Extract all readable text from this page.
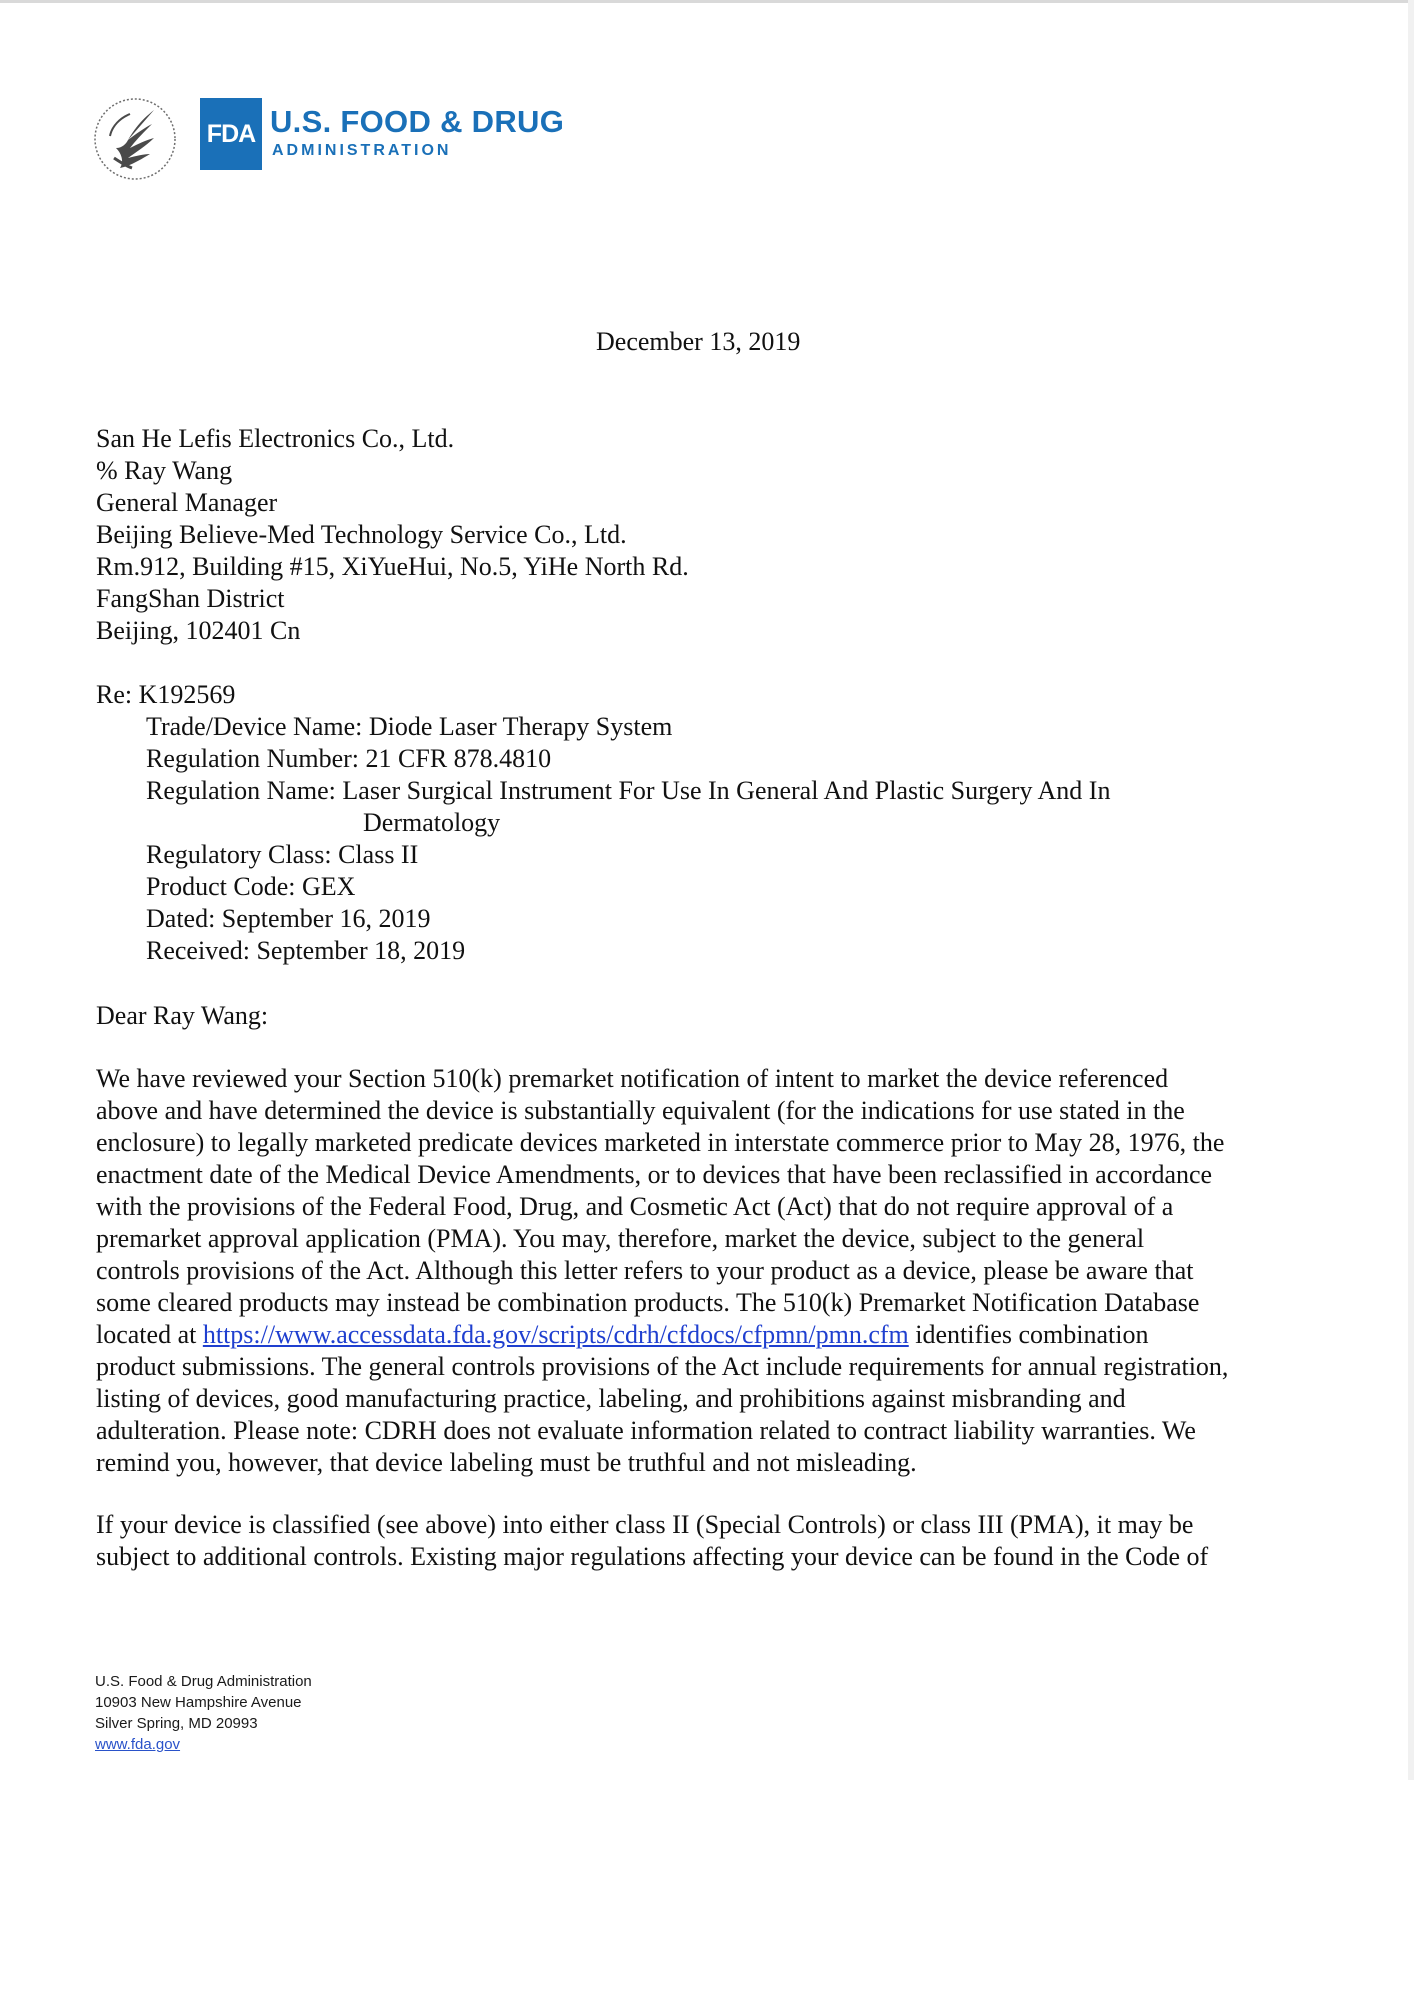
FDA U.S. FOOD & DRUG
ADMINISTRATION
December 13, 2019
San He Lefis Electronics Co., Ltd.
% Ray Wang
General Manager
Beijing Believe-Med Technology Service Co., Ltd.
Rm.912, Building #15, XiYueHui, No.5, YiHe North Rd.
FangShan District
Beijing, 102401 Cn
Re: K192569
Trade/Device Name: Diode Laser Therapy System
Regulation Number: 21 CFR 878.4810
Regulation Name: Laser Surgical Instrument For Use In General And Plastic Surgery And In
Dermatology
Regulatory Class: Class II
Product Code: GEX
Dated: September 16, 2019
Received: September 18, 2019
Dear Ray Wang:
We have reviewed your Section 510(k) premarket notification of intent to market the device referenced
above and have determined the device is substantially equivalent (for the indications for use stated in the
enclosure) to legally marketed predicate devices marketed in interstate commerce prior to May 28, 1976, the
enactment date of the Medical Device Amendments, or to devices that have been reclassified in accordance
with the provisions of the Federal Food, Drug, and Cosmetic Act (Act) that do not require approval of a
premarket approval application (PMA). You may, therefore, market the device, subject to the general
controls provisions of the Act. Although this letter refers to your product as a device, please be aware that
some cleared products may instead be combination products. The 510(k) Premarket Notification Database
located at https://www.accessdata.fda.gov/scripts/cdrh/cfdocs/cfpmn/pmn.cfm identifies combination
product submissions. The general controls provisions of the Act include requirements for annual registration,
listing of devices, good manufacturing practice, labeling, and prohibitions against misbranding and
adulteration. Please note: CDRH does not evaluate information related to contract liability warranties. We
remind you, however, that device labeling must be truthful and not misleading.
If your device is classified (see above) into either class II (Special Controls) or class III (PMA), it may be
subject to additional controls. Existing major regulations affecting your device can be found in the Code of
U.S. Food & Drug Administration
10903 New Hampshire Avenue
Silver Spring, MD 20993
www.fda.gov
